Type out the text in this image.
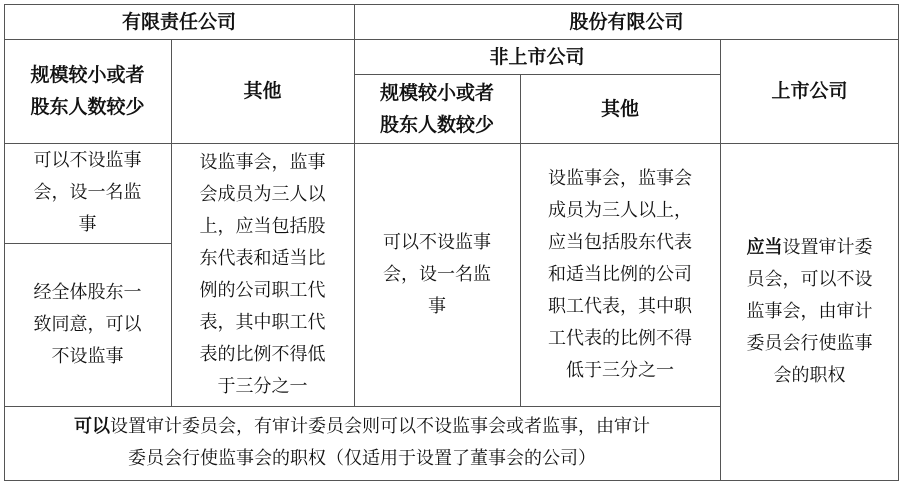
有限责任公司	股份有限公司
规模较小或者
股东人数较少
其他
非上市公司
上市公司
规模较小或者
股东人数较少
其他
可以不设监事
会，设一名监
事
经全体股东一
致同意，可以
不设监事
设监事会，监事
会成员为三人以
上，应当包括股
东代表和适当比
例的公司职工代
表，其中职工代
表的比例不得低
于三分之一
可以不设监事
会，设一名监
事
设监事会，监事会
成员为三人以上，
应当包括股东代表
和适当比例的公司
职工代表，其中职
工代表的比例不得
低于三分之一
应当设置审计委
员会，可以不设
监事会，由审计
委员会行使监事
会的职权
可以设置审计委员会，有审计委员会则可以不设监事会或者监事，由审计
委员会行使监事会的职权（仅适用于设置了董事会的公司）
